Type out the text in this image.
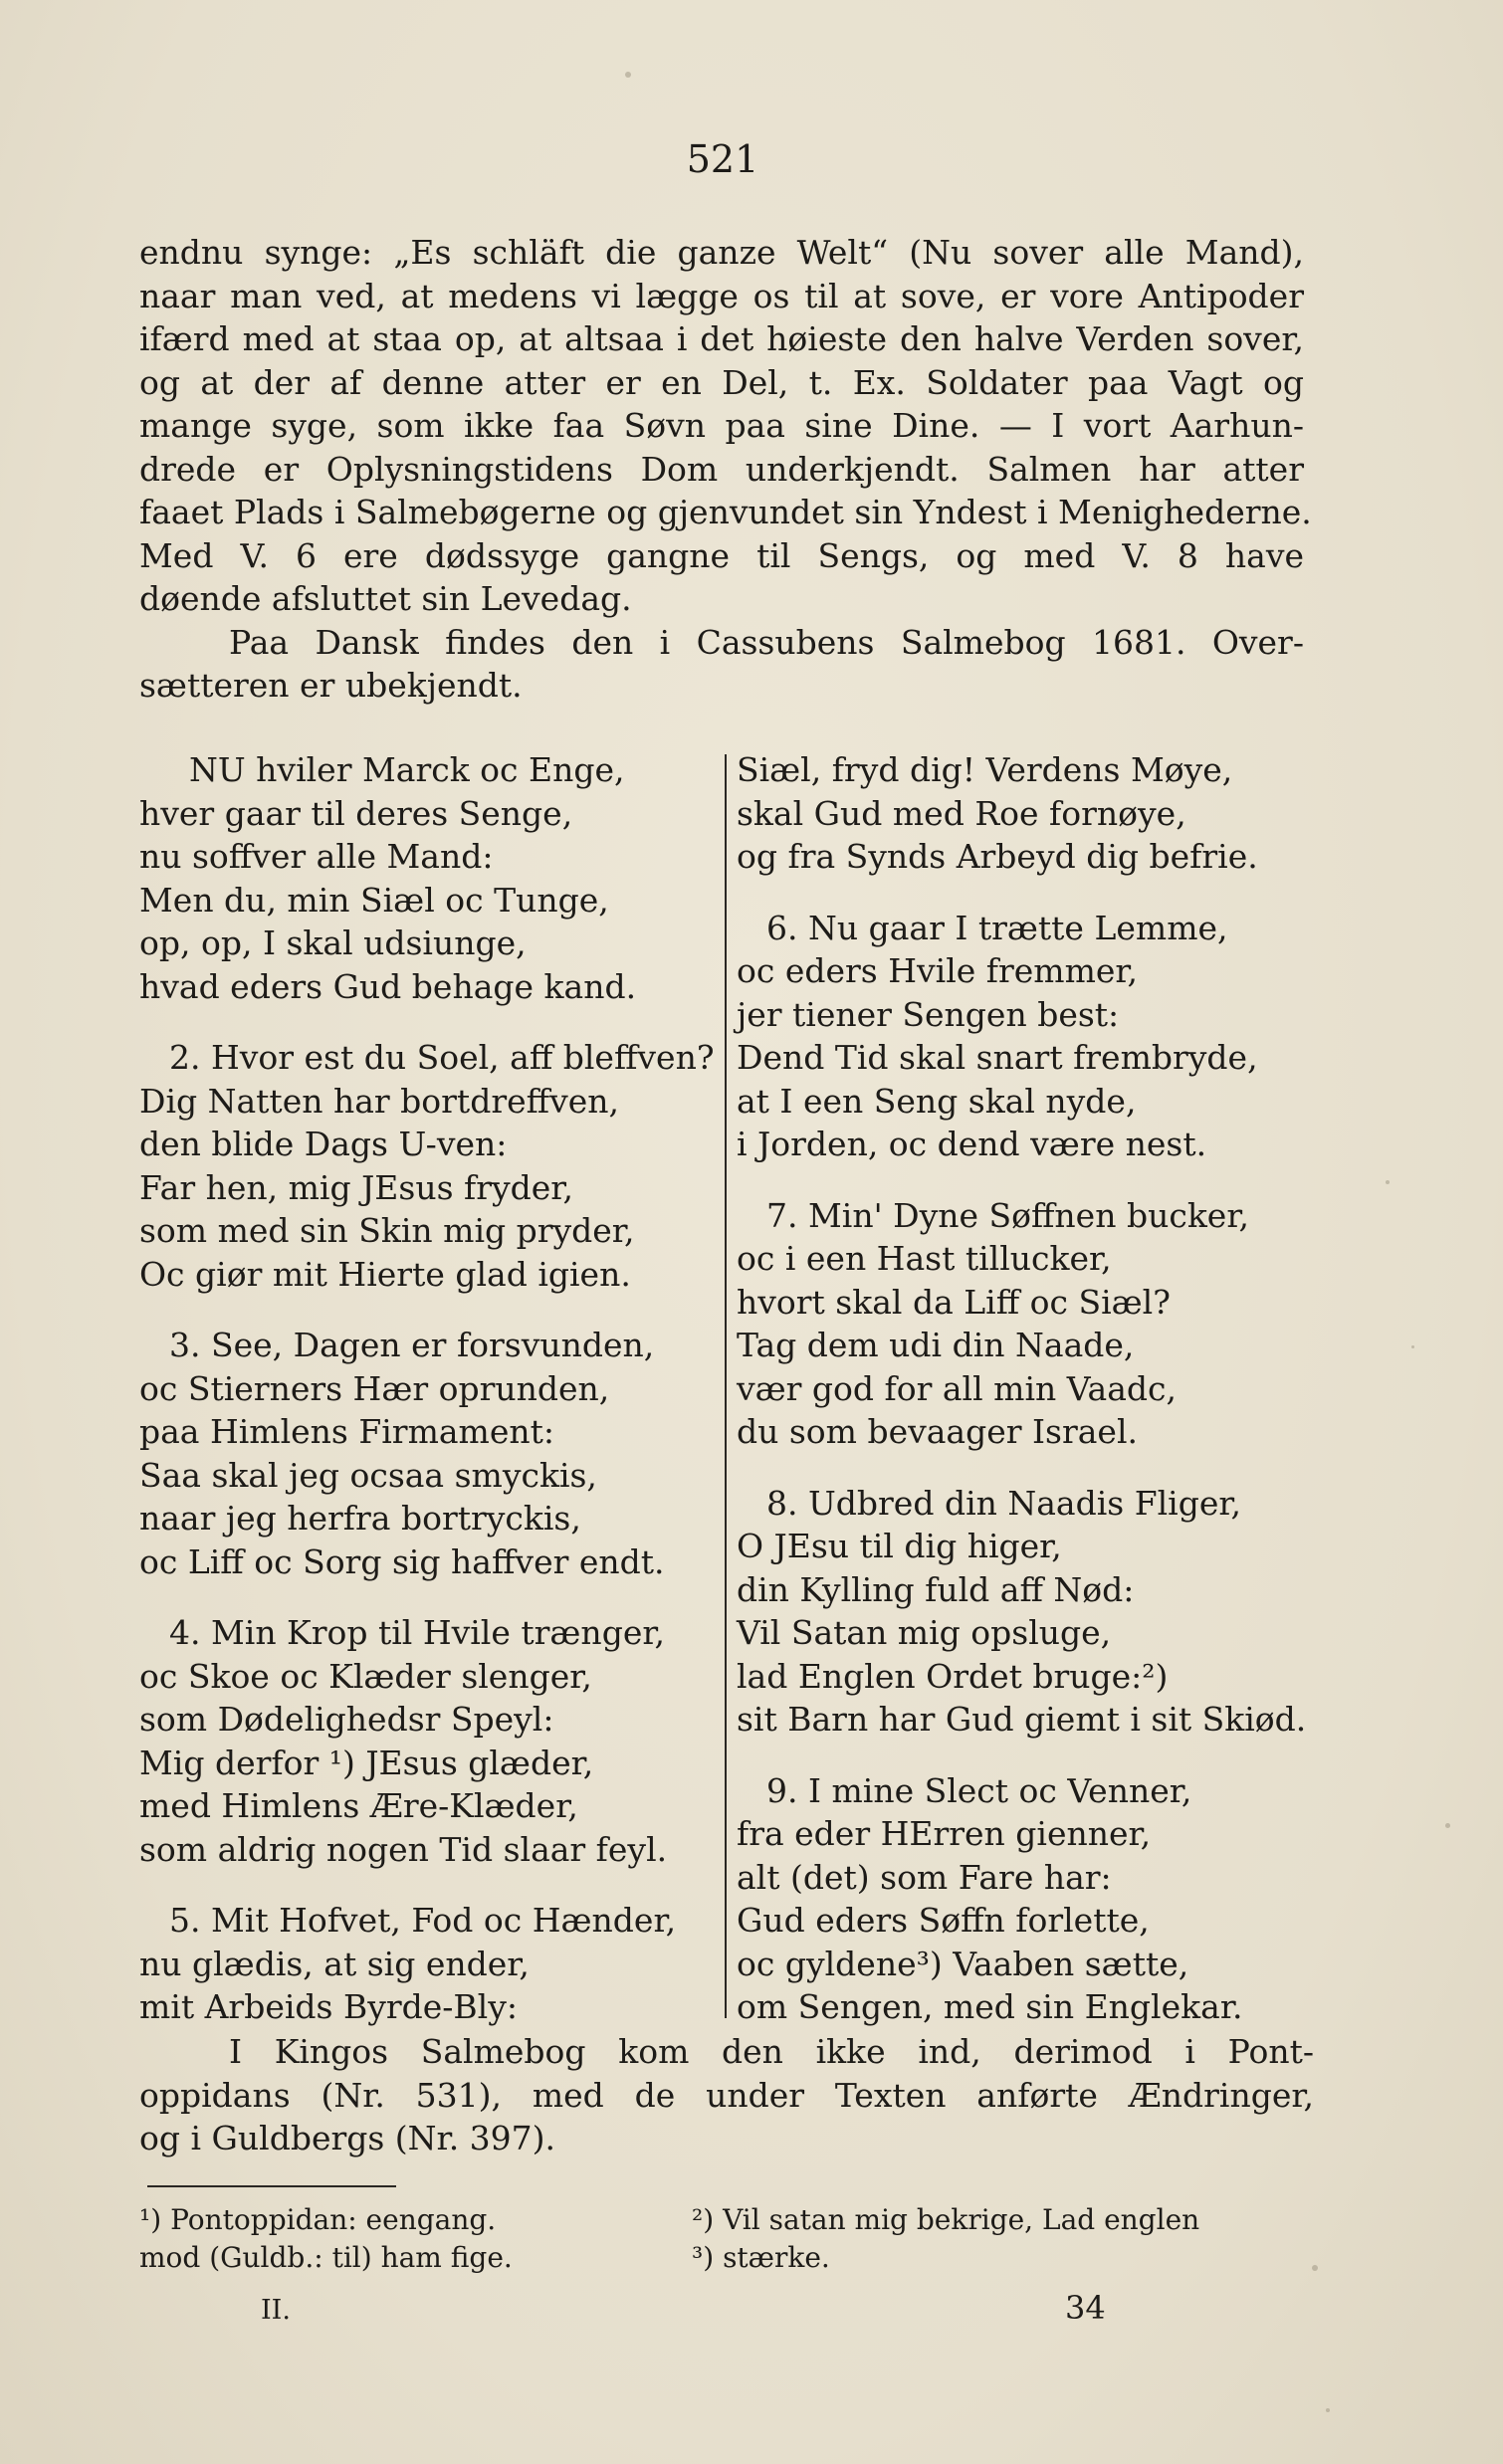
521
endnu synge: „Es schläft die ganze Welt“ (Nu sover alle Mand),
naar man ved, at medens vi lægge os til at sove, er vore Antipoder
ifærd med at staa op, at altsaa i det høieste den halve Verden sover,
og at der af denne atter er en Del, t. Ex. Soldater paa Vagt og
mange syge, som ikke faa Søvn paa sine Dine. — I vort Aarhun-
drede er Oplysningstidens Dom underkjendt. Salmen har atter
faaet Plads i Salmebøgerne og gjenvundet sin Yndest i Menighederne.
Med V. 6 ere dødssyge gangne til Sengs, og med V. 8 have
døende afsluttet sin Levedag.
Paa Dansk findes den i Cassubens Salmebog 1681. Over-
sætteren er ubekjendt.
NU hviler Marck oc Enge,
hver gaar til deres Senge,
nu soffver alle Mand:
Men du, min Siæl oc Tunge,
op, op, I skal udsiunge,
hvad eders Gud behage kand.
2. Hvor est du Soel, aff bleffven?
Dig Natten har bortdreffven,
den blide Dags U-ven:
Far hen, mig JEsus fryder,
som med sin Skin mig pryder,
Oc giør mit Hierte glad igien.
3. See, Dagen er forsvunden,
oc Stierners Hær oprunden,
paa Himlens Firmament:
Saa skal jeg ocsaa smyckis,
naar jeg herfra bortryckis,
oc Liff oc Sorg sig haffver endt.
4. Min Krop til Hvile trænger,
oc Skoe oc Klæder slenger,
som Dødelighedsr Speyl:
Mig derfor ¹) JEsus glæder,
med Himlens Ære-Klæder,
som aldrig nogen Tid slaar feyl.
5. Mit Hofvet, Fod oc Hænder,
nu glædis, at sig ender,
mit Arbeids Byrde-Bly:
Siæl, fryd dig! Verdens Møye,
skal Gud med Roe fornøye,
og fra Synds Arbeyd dig befrie.
6. Nu gaar I trætte Lemme,
oc eders Hvile fremmer,
jer tiener Sengen best:
Dend Tid skal snart frembryde,
at I een Seng skal nyde,
i Jorden, oc dend være nest.
7. Min' Dyne Søffnen bucker,
oc i een Hast tillucker,
hvort skal da Liff oc Siæl?
Tag dem udi din Naade,
vær god for all min Vaadc,
du som bevaager Israel.
8. Udbred din Naadis Fliger,
O JEsu til dig higer,
din Kylling fuld aff Nød:
Vil Satan mig opsluge,
lad Englen Ordet bruge:²)
sit Barn har Gud giemt i sit Skiød.
9. I mine Slect oc Venner,
fra eder HErren gienner,
alt (det) som Fare har:
Gud eders Søffn forlette,
oc gyldene³) Vaaben sætte,
om Sengen, med sin Englekar.
I Kingos Salmebog kom den ikke ind, derimod i Pont-
oppidans (Nr. 531), med de under Texten anførte Ændringer,
og i Guldbergs (Nr. 397).
¹) Pontoppidan: eengang.	²) Vil satan mig bekrige, Lad englen
mod (Guldb.: til) ham fige.	³) stærke.
II.	34
